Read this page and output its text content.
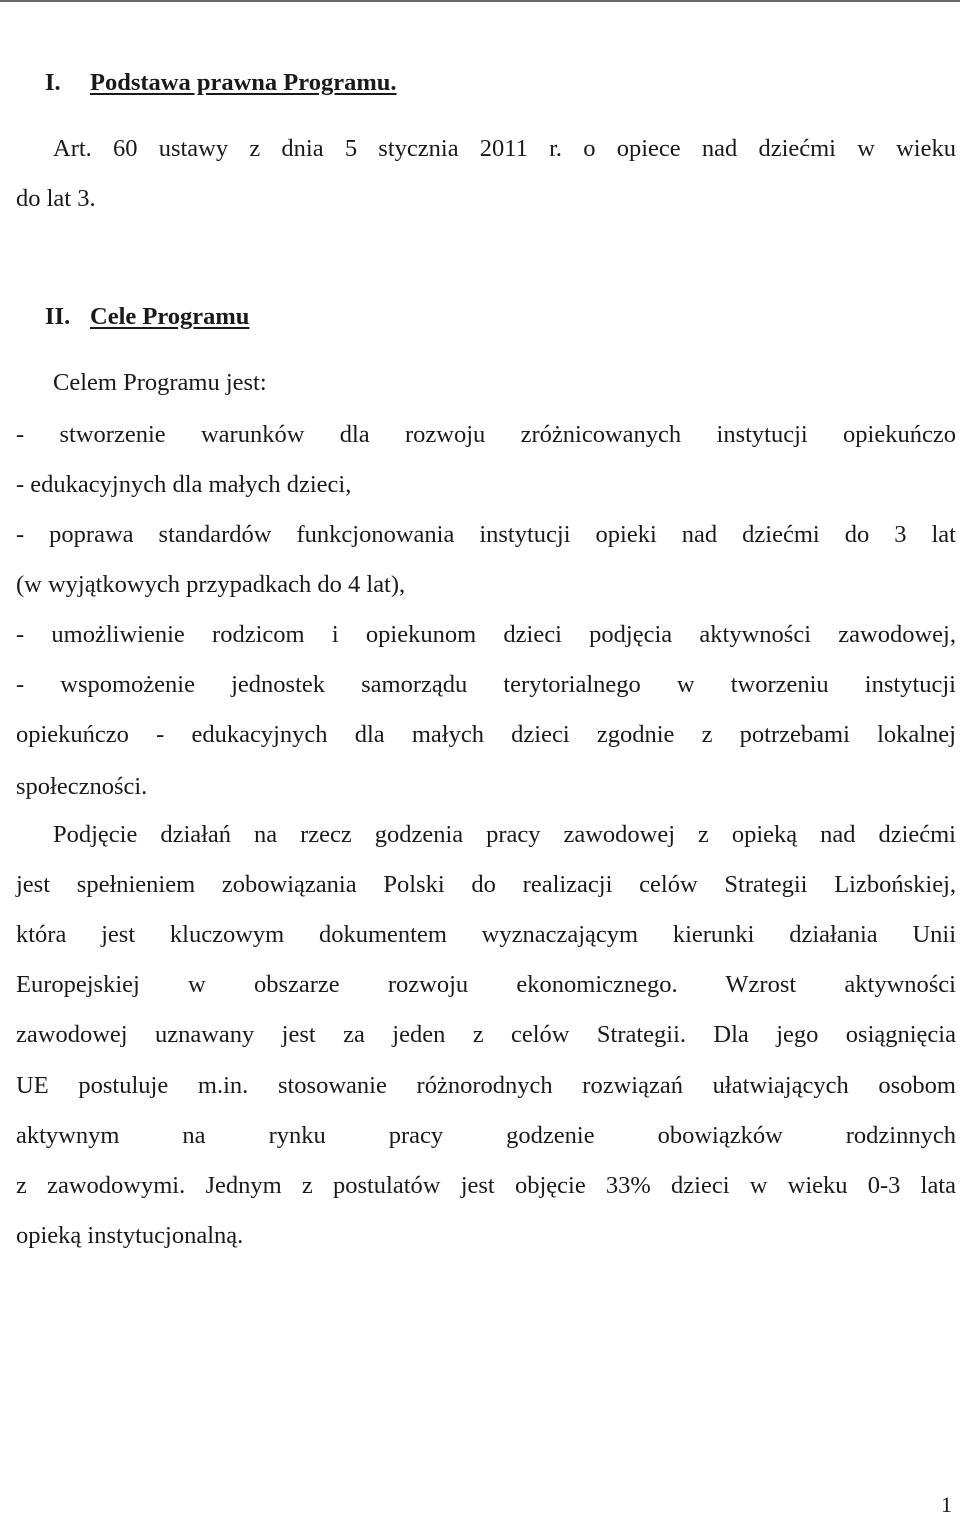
I. Podstawa prawna Programu.
Art. 60 ustawy z dnia 5 stycznia 2011 r. o opiece nad dziećmi w wieku
do lat 3.
II. Cele Programu
Celem Programu jest:
- stworzenie warunków dla rozwoju zróżnicowanych instytucji opiekuńczo
- edukacyjnych dla małych dzieci,
- poprawa standardów funkcjonowania instytucji opieki nad dziećmi do 3 lat
(w wyjątkowych przypadkach do 4 lat),
- umożliwienie rodzicom i opiekunom dzieci podjęcia aktywności zawodowej,
- wspomożenie jednostek samorządu terytorialnego w tworzeniu instytucji
opiekuńczo - edukacyjnych dla małych dzieci zgodnie z potrzebami lokalnej
społeczności.
Podjęcie działań na rzecz godzenia pracy zawodowej z opieką nad dziećmi
jest spełnieniem zobowiązania Polski do realizacji celów Strategii Lizbońskiej,
która jest kluczowym dokumentem wyznaczającym kierunki działania Unii
Europejskiej w obszarze rozwoju ekonomicznego. Wzrost aktywności
zawodowej uznawany jest za jeden z celów Strategii. Dla jego osiągnięcia
UE postuluje m.in. stosowanie różnorodnych rozwiązań ułatwiających osobom
aktywnym na rynku pracy godzenie obowiązków rodzinnych
z zawodowymi. Jednym z postulatów jest objęcie 33% dzieci w wieku 0-3 lata
opieką instytucjonalną.
1
